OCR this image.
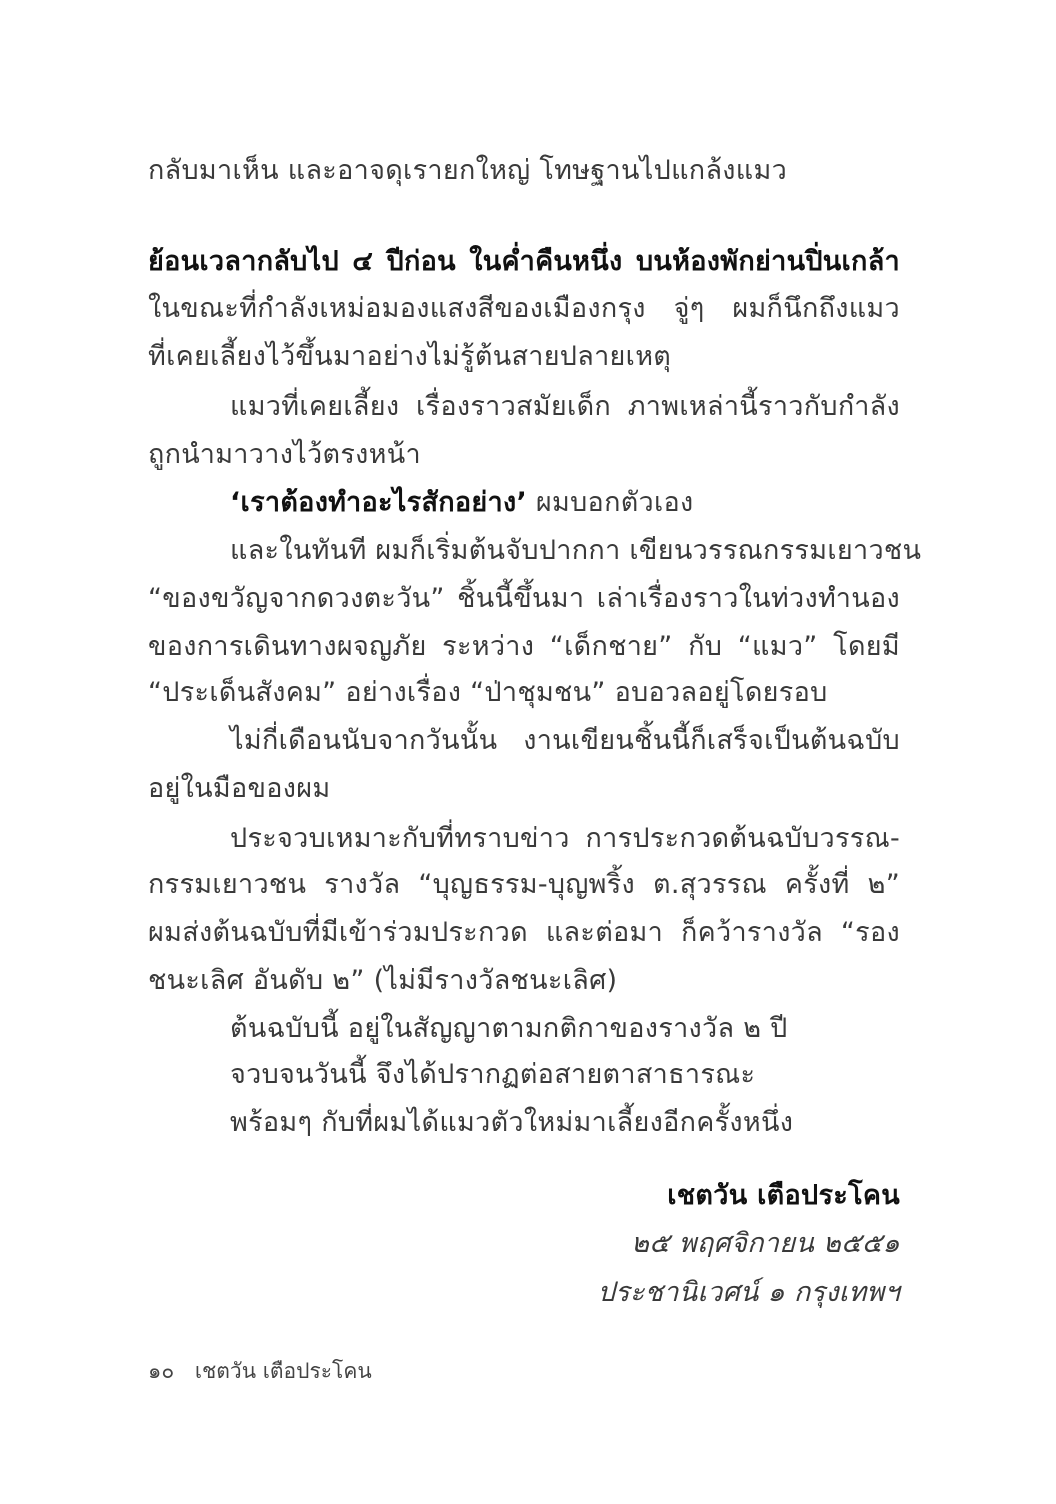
กลับมาเห็น และอาจดุเรายกใหญ่ โทษฐานไปแกล้งแมว
ย้อนเวลากลับไป ๔ ปีก่อน ในค่ำคืนหนึ่ง บนห้องพักย่านปิ่นเกล้า
ในขณะที่กำลังเหม่อมองแสงสีของเมืองกรุง จู่ๆ ผมก็นึกถึงแมว
ที่เคยเลี้ยงไว้ขึ้นมาอย่างไม่รู้ต้นสายปลายเหตุ
แมวที่เคยเลี้ยง เรื่องราวสมัยเด็ก ภาพเหล่านี้ราวกับกำลัง
ถูกนำมาวางไว้ตรงหน้า
‘เราต้องทำอะไรสักอย่าง’ ผมบอกตัวเอง
และในทันที ผมก็เริ่มต้นจับปากกา เขียนวรรณกรรมเยาวชน
“ของขวัญจากดวงตะวัน” ชิ้นนี้ขึ้นมา เล่าเรื่องราวในท่วงทำนอง
ของการเดินทางผจญภัย ระหว่าง “เด็กชาย” กับ “แมว” โดยมี
“ประเด็นสังคม” อย่างเรื่อง “ป่าชุมชน” อบอวลอยู่โดยรอบ
ไม่กี่เดือนนับจากวันนั้น งานเขียนชิ้นนี้ก็เสร็จเป็นต้นฉบับ
อยู่ในมือของผม
ประจวบเหมาะกับที่ทราบข่าว การประกวดต้นฉบับวรรณ-
กรรมเยาวชน รางวัล “บุญธรรม-บุญพริ้ง ต.สุวรรณ ครั้งที่ ๒”
ผมส่งต้นฉบับที่มีเข้าร่วมประกวด และต่อมา ก็คว้ารางวัล “รอง
ชนะเลิศ อันดับ ๒” (ไม่มีรางวัลชนะเลิศ)
ต้นฉบับนี้ อยู่ในสัญญาตามกติกาของรางวัล ๒ ปี
จวบจนวันนี้ จึงได้ปรากฏต่อสายตาสาธารณะ
พร้อมๆ กับที่ผมได้แมวตัวใหม่มาเลี้ยงอีกครั้งหนึ่ง
เชตวัน เตือประโคน
๒๕ พฤศจิกายน ๒๕๕๑
ประชานิเวศน์ ๑ กรุงเทพฯ
๑๐ เชตวัน เตือประโคน
